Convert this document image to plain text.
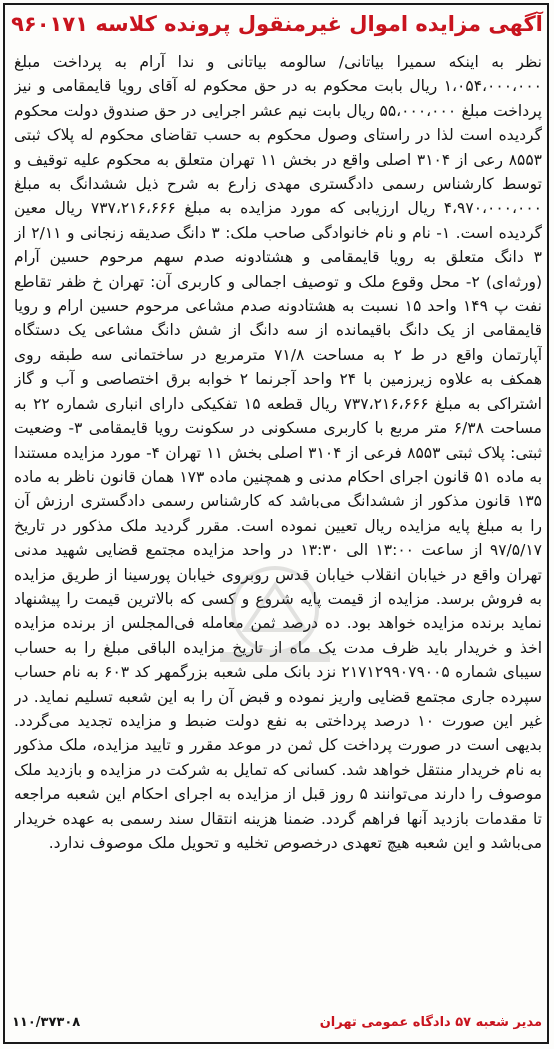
آگهی مزایده اموال غیرمنقول پرونده کلاسه ۹۶۰۱۷۱

نظر به اینکه سمیرا بیاتانی/ سالومه بیاتانی و ندا آرام به پرداخت مبلغ ۱،۰۵۴،۰۰۰،۰۰۰ ریال بابت محکوم به در حق محکوم له آقای رویا قایمقامی و نیز پرداخت مبلغ ۵۵،۰۰۰،۰۰۰ ریال بابت نیم عشر اجرایی در حق صندوق دولت محکوم گردیده است لذا در راستای وصول محکوم به حسب تقاضای محکوم له پلاک ثبتی ۸۵۵۳ رعی از ۳۱۰۴ اصلی واقع در بخش ۱۱ تهران متعلق به محکوم علیه توقیف و توسط کارشناس رسمی دادگستری مهدی زارع به شرح ذیل ششدانگ به مبلغ ۴،۹۷۰،۰۰۰،۰۰۰ ریال ارزیابی که مورد مزایده به مبلغ ۷۳۷،۲۱۶،۶۶۶ ریال معین گردیده است. ۱- نام و نام خانوادگی صاحب ملک: ۳ دانگ صدیقه زنجانی و ۲/۱۱ از ۳ دانگ متعلق به رویا قایمقامی و هشتادونه صدم سهم مرحوم حسین آرام (ورثه‌ای) ۲- محل وقوع ملک و توصیف اجمالی و کاربری آن: تهران خ ظفر تقاطع نفت پ ۱۴۹ واحد ۱۵ نسبت به هشتادونه صدم مشاعی مرحوم حسین ارام و رویا قایمقامی از یک دانگ باقیمانده از سه دانگ از شش دانگ مشاعی یک دستگاه آپارتمان واقع در ط ۲ به مساحت ۷۱/۸ مترمربع در ساختمانی سه طبقه روی همکف به علاوه زیرزمین با ۲۴ واحد آجرنما ۲ خوابه برق اختصاصی و آب و گاز اشتراکی به مبلغ ۷۳۷،۲۱۶،۶۶۶ ریال قطعه ۱۵ تفکیکی دارای انباری شماره ۲۲ به مساحت ۶/۳۸ متر مربع با کاربری مسکونی در سکونت رویا قایمقامی ۳- وضعیت ثبتی: پلاک ثبتی ۸۵۵۳ فرعی از ۳۱۰۴ اصلی بخش ۱۱ تهران ۴- مورد مزایده مستندا به ماده ۵۱ قانون اجرای احکام مدنی و همچنین ماده ۱۷۳ همان قانون ناظر به ماده ۱۳۵ قانون مذکور از ششدانگ می‌باشد که کارشناس رسمی دادگستری ارزش آن را به مبلغ پایه مزایده ریال تعیین نموده است. مقرر گردید ملک مذکور در تاریخ ۹۷/۵/۱۷ از ساعت ۱۳:۰۰ الی ۱۳:۳۰ در واحد مزایده مجتمع قضایی شهید مدنی تهران واقع در خیابان انقلاب خیابان قدس روبروی خیابان پورسینا از طریق مزایده به فروش برسد. مزایده از قیمت پایه شروع و کسی که بالاترین قیمت را پیشنهاد نماید برنده مزایده خواهد بود. ده درصد ثمن معامله فی‌المجلس از برنده مزایده اخذ و خریدار باید ظرف مدت یک ماه از تاریخ مزایده الباقی مبلغ را به حساب سیبای شماره ۲۱۷۱۲۹۹۰۷۹۰۰۵ نزد بانک ملی شعبه بزرگمهر کد ۶۰۳ به نام حساب سپرده جاری مجتمع قضایی واریز نموده و قبض آن را به این شعبه تسلیم نماید. در غیر این صورت ۱۰ درصد پرداختی به نفع دولت ضبط و مزایده تجدید می‌گردد. بدیهی است در صورت پرداخت کل ثمن در موعد مقرر و تایید مزایده، ملک مذکور به نام خریدار منتقل خواهد شد. کسانی که تمایل به شرکت در مزایده و بازدید ملک موصوف را دارند می‌توانند ۵ روز قبل از مزایده به اجرای احکام این شعبه مراجعه تا مقدمات بازدید آنها فراهم گردد. ضمنا هزینه انتقال سند رسمی به عهده خریدار می‌باشد و این شعبه هیچ تعهدی درخصوص تخلیه و تحویل ملک موصوف ندارد.

مدیر شعبه ۵۷ دادگاه عمومی تهران
۱۱۰/۳۷۳۰۸
